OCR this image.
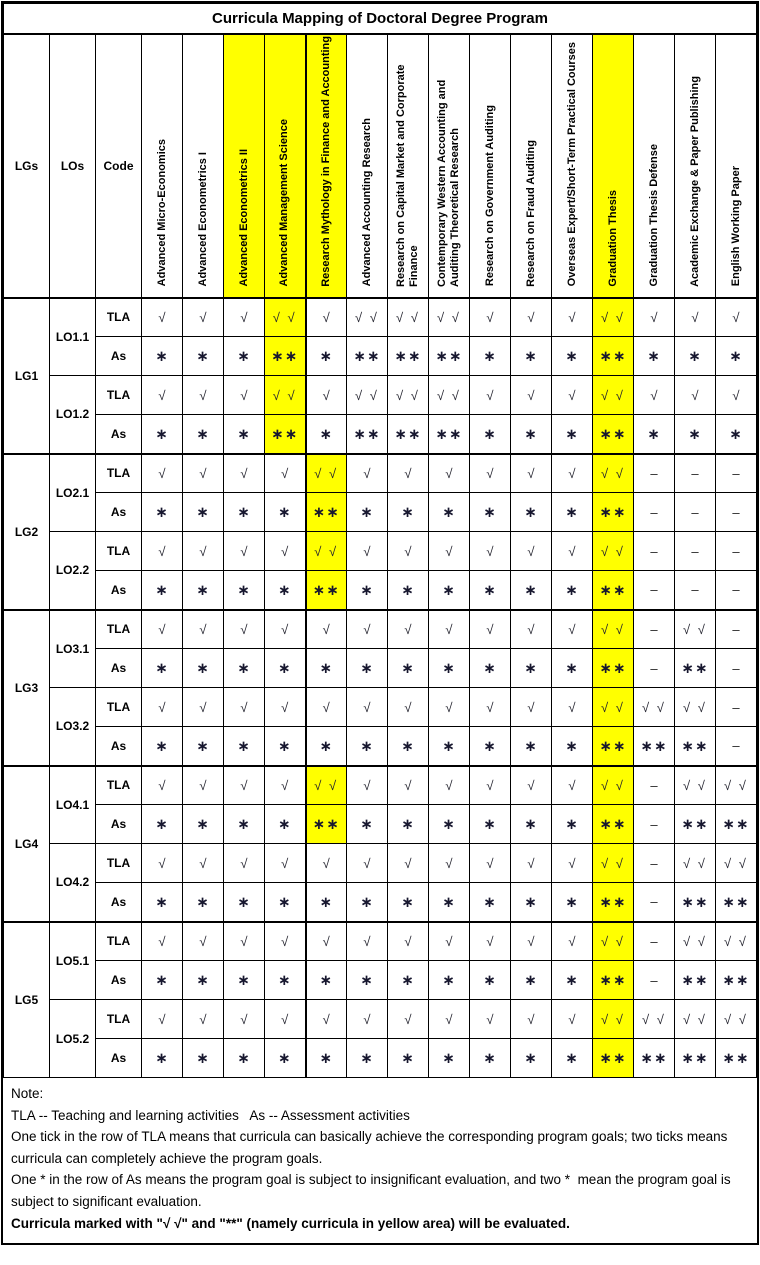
Curricula Mapping of Doctoral Degree Program																	
LGs	LOs	Code	Advanced Micro-Economics	Advanced Econometrics I	Advanced Econometrics II	Advanced Management Science	Research Mythology in Finance and Accounting	Advanced Accounting Research	Research on Capital Market and Corporate Finance	Contemporary Western Accounting and Auditing Theoretical Research	Research on Government Auditing	Research on Fraud Auditing	Overseas Expert/Short-Term Practical Courses	Graduation Thesis	Graduation Thesis Defense	Academic Exchange & Paper Publishing	English Working Paper
LG1	LO1.1	TLA	√	√	√	√ √	√	√ √	√ √	√ √	√	√	√	√ √	√	√	√
		As	∗	∗	∗	∗∗	∗	∗∗	∗∗	∗∗	∗	∗	∗	∗∗	∗	∗	∗
	LO1.2	TLA	√	√	√	√ √	√	√ √	√ √	√ √	√	√	√	√ √	√	√	√
		As	∗	∗	∗	∗∗	∗	∗∗	∗∗	∗∗	∗	∗	∗	∗∗	∗	∗	∗
LG2	LO2.1	TLA	√	√	√	√	√ √	√	√	√	√	√	√	√ √	–	–	–
		As	∗	∗	∗	∗	∗∗	∗	∗	∗	∗	∗	∗	∗∗	–	–	–
	LO2.2	TLA	√	√	√	√	√ √	√	√	√	√	√	√	√ √	–	–	–
		As	∗	∗	∗	∗	∗∗	∗	∗	∗	∗	∗	∗	∗∗	–	–	–
LG3	LO3.1	TLA	√	√	√	√	√	√	√	√	√	√	√	√ √	–	√ √	–
		As	∗	∗	∗	∗	∗	∗	∗	∗	∗	∗	∗	∗∗	–	∗∗	–
	LO3.2	TLA	√	√	√	√	√	√	√	√	√	√	√	√ √	√ √	√ √	–
		As	∗	∗	∗	∗	∗	∗	∗	∗	∗	∗	∗	∗∗	∗∗	∗∗	–
LG4	LO4.1	TLA	√	√	√	√	√ √	√	√	√	√	√	√	√ √	–	√ √	√ √
		As	∗	∗	∗	∗	∗∗	∗	∗	∗	∗	∗	∗	∗∗	–	∗∗	∗∗
	LO4.2	TLA	√	√	√	√	√	√	√	√	√	√	√	√ √	–	√ √	√ √
		As	∗	∗	∗	∗	∗	∗	∗	∗	∗	∗	∗	∗∗	–	∗∗	∗∗
LG5	LO5.1	TLA	√	√	√	√	√	√	√	√	√	√	√	√ √	–	√ √	√ √
		As	∗	∗	∗	∗	∗	∗	∗	∗	∗	∗	∗	∗∗	–	∗∗	∗∗
	LO5.2	TLA	√	√	√	√	√	√	√	√	√	√	√	√ √	√ √	√ √	√ √
		As	∗	∗	∗	∗	∗	∗	∗	∗	∗	∗	∗	∗∗	∗∗	∗∗	∗∗
Note:
TLA -- Teaching and learning activities   As -- Assessment activities
One tick in the row of TLA means that curricula can basically achieve the corresponding program goals; two ticks means curricula can completely achieve the program goals.
One * in the row of As means the program goal is subject to insignificant evaluation, and two *  mean the program goal is subject to significant evaluation.
Curricula marked with "√ √" and "**" (namely curricula in yellow area) will be evaluated.
